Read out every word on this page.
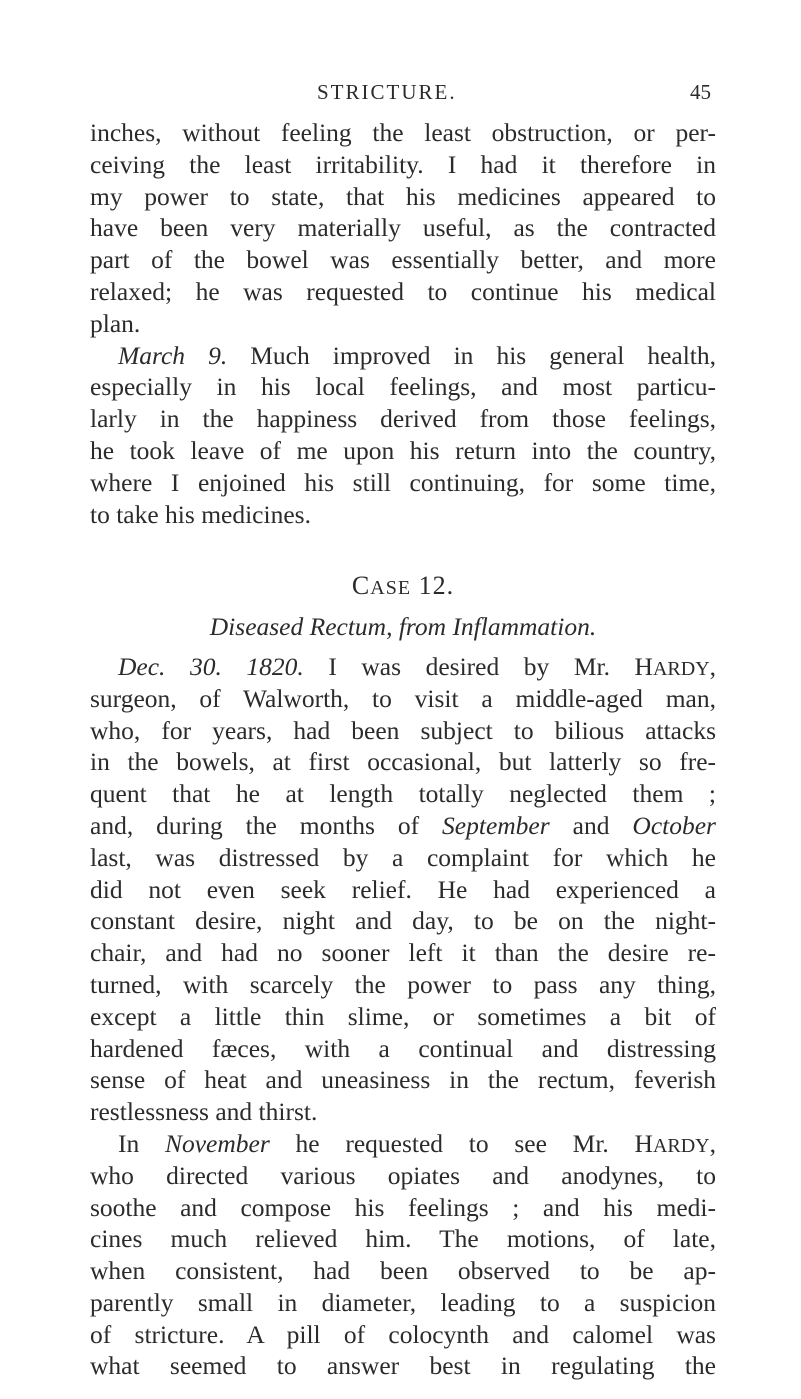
STRICTURE.	45
inches, without feeling the least obstruction, or per-
ceiving the least irritability. I had it therefore in
my power to state, that his medicines appeared to
have been very materially useful, as the contracted
part of the bowel was essentially better, and more
relaxed; he was requested to continue his medical
plan.
March 9. Much improved in his general health,
especially in his local feelings, and most particu-
larly in the happiness derived from those feelings,
he took leave of me upon his return into the country,
where I enjoined his still continuing, for some time,
to take his medicines.
CASE 12.
Diseased Rectum, from Inflammation.
Dec. 30. 1820. I was desired by Mr. HARDY,
surgeon, of Walworth, to visit a middle-aged man,
who, for years, had been subject to bilious attacks
in the bowels, at first occasional, but latterly so fre-
quent that he at length totally neglected them ;
and, during the months of September and October
last, was distressed by a complaint for which he
did not even seek relief. He had experienced a
constant desire, night and day, to be on the night-
chair, and had no sooner left it than the desire re-
turned, with scarcely the power to pass any thing,
except a little thin slime, or sometimes a bit of
hardened fæces, with a continual and distressing
sense of heat and uneasiness in the rectum, feverish
restlessness and thirst.
In November he requested to see Mr. HARDY,
who directed various opiates and anodynes, to
soothe and compose his feelings ; and his medi-
cines much relieved him. The motions, of late,
when consistent, had been observed to be ap-
parently small in diameter, leading to a suspicion
of stricture. A pill of colocynth and calomel was
what seemed to answer best in regulating the
